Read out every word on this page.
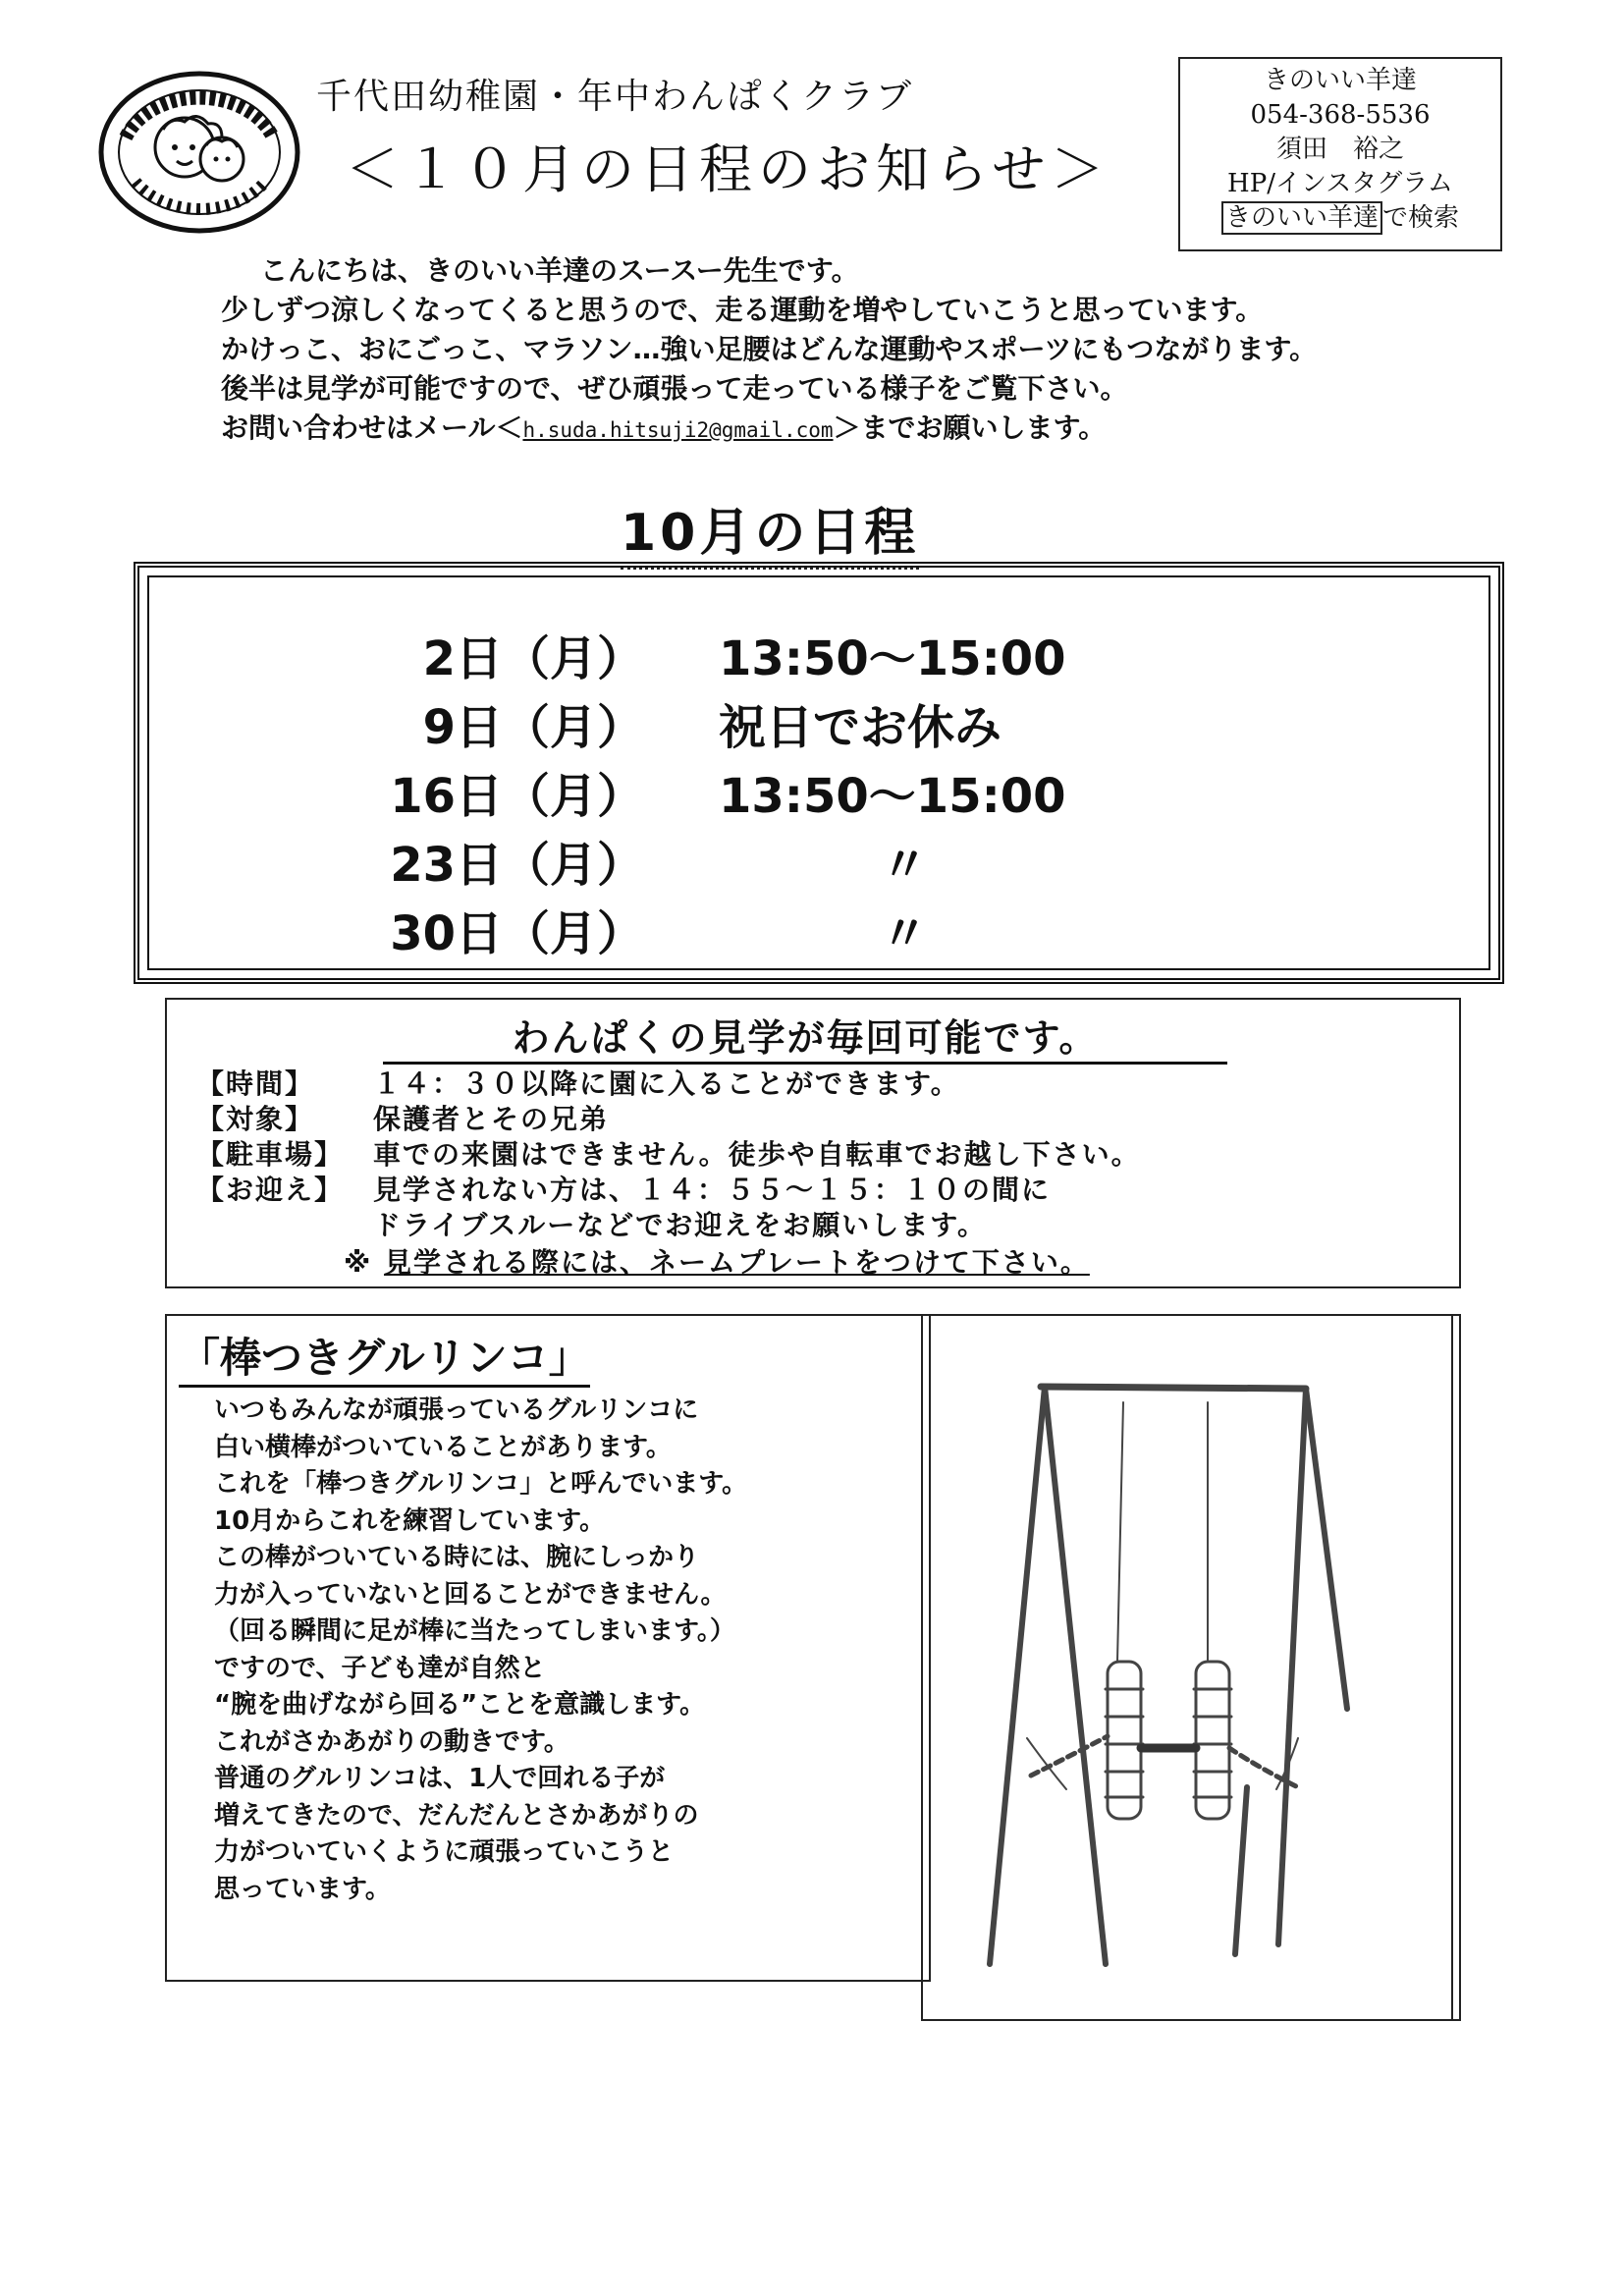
千代田幼稚園・年中わんぱくクラブ
＜１０月の日程のお知らせ＞
きのいい羊達
054-368-5536
須田　裕之
HP/インスタグラム
きのいい羊達 で検索
こんにちは、きのいい羊達のスースー先生です。
少しずつ涼しくなってくると思うので、走る運動を増やしていこうと思っています。
かけっこ、おにごっこ、マラソン…強い足腰はどんな運動やスポーツにもつながります。
後半は見学が可能ですので、ぜひ頑張って走っている様子をご覧下さい。
お問い合わせはメール＜h.suda.hitsuji2@gmail.com＞までお願いします。
10月の日程
2日（月） 13:50～15:00
9日（月） 祝日でお休み
16日（月） 13:50～15:00
23日（月）	〃
30日（月）	〃
わんぱくの見学が毎回可能です。
【時間】 １４：３０以降に園に入ることができます。
【対象】 保護者とその兄弟
【駐車場】 車での来園はできません。徒歩や自転車でお越し下さい。
【お迎え】 見学されない方は、１４：５５～１５：１０の間に
ドライブスルーなどでお迎えをお願いします。
※ 見学される際には、ネームプレートをつけて下さい。
「棒つきグルリンコ」
いつもみんなが頑張っているグルリンコに
白い横棒がついていることがあります。
これを「棒つきグルリンコ」と呼んでいます。
10月からこれを練習しています。
この棒がついている時には、腕にしっかり
力が入っていないと回ることができません。
（回る瞬間に足が棒に当たってしまいます。）
ですので、子ども達が自然と
“腕を曲げながら回る”ことを意識します。
これがさかあがりの動きです。
普通のグルリンコは、1人で回れる子が
増えてきたので、だんだんとさかあがりの
力がついていくように頑張っていこうと
思っています。
